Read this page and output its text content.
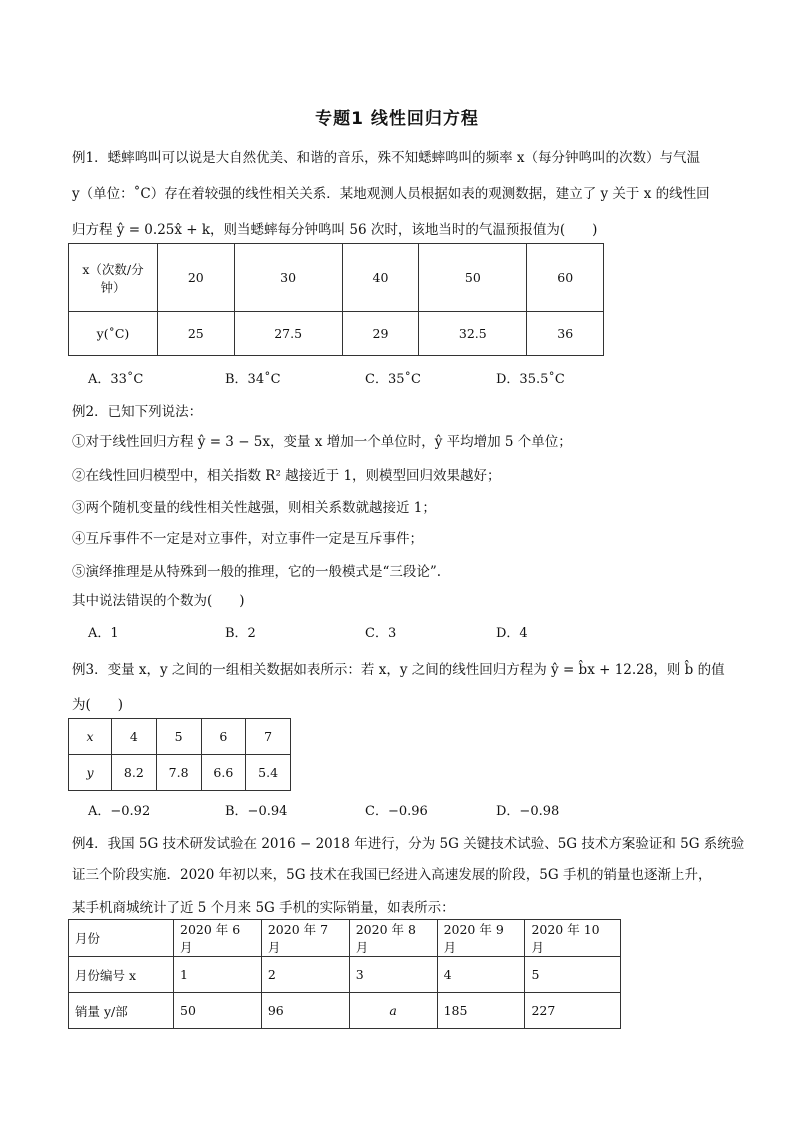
专题1 线性回归方程
例1．蟋蟀鸣叫可以说是大自然优美、和谐的音乐，殊不知蟋蟀鸣叫的频率 x（每分钟鸣叫的次数）与气温
y（单位：˚C）存在着较强的线性相关关系．某地观测人员根据如表的观测数据，建立了 y 关于 x 的线性回
归方程 ŷ = 0.25x̂ + k，则当蟋蟀每分钟鸣叫 56 次时，该地当时的气温预报值为(　　)
x（次数/分钟）	20	30	40	50	60
y(˚C)	25	27.5	29	32.5	36
A．33˚C	B．34˚C	C．35˚C	D．35.5˚C
例2．已知下列说法：
①对于线性回归方程 ŷ = 3 − 5x，变量 x 增加一个单位时，ŷ 平均增加 5 个单位；
②在线性回归模型中，相关指数 R² 越接近于 1，则模型回归效果越好；
③两个随机变量的线性相关性越强，则相关系数就越接近 1；
④互斥事件不一定是对立事件，对立事件一定是互斥事件；
⑤演绎推理是从特殊到一般的推理，它的一般模式是“三段论”.
其中说法错误的个数为(　　)
A．1	B．2	C．3	D．4
例3．变量 x，y 之间的一组相关数据如表所示：若 x，y 之间的线性回归方程为 ŷ = b̂x + 12.28，则 b̂ 的值
为(　　)
x	4	5	6	7
y	8.2	7.8	6.6	5.4
A．−0.92	B．−0.94	C．−0.96	D．−0.98
例4．我国 5G 技术研发试验在 2016 − 2018 年进行，分为 5G 关键技术试验、5G 技术方案验证和 5G 系统验
证三个阶段实施．2020 年初以来，5G 技术在我国已经进入高速发展的阶段，5G 手机的销量也逐渐上升，
某手机商城统计了近 5 个月来 5G 手机的实际销量，如表所示：
月份	2020 年 6 月	2020 年 7 月	2020 年 8 月	2020 年 9 月	2020 年 10 月
月份编号 x	1	2	3	4	5
销量 y/部	50	96	a	185	227
